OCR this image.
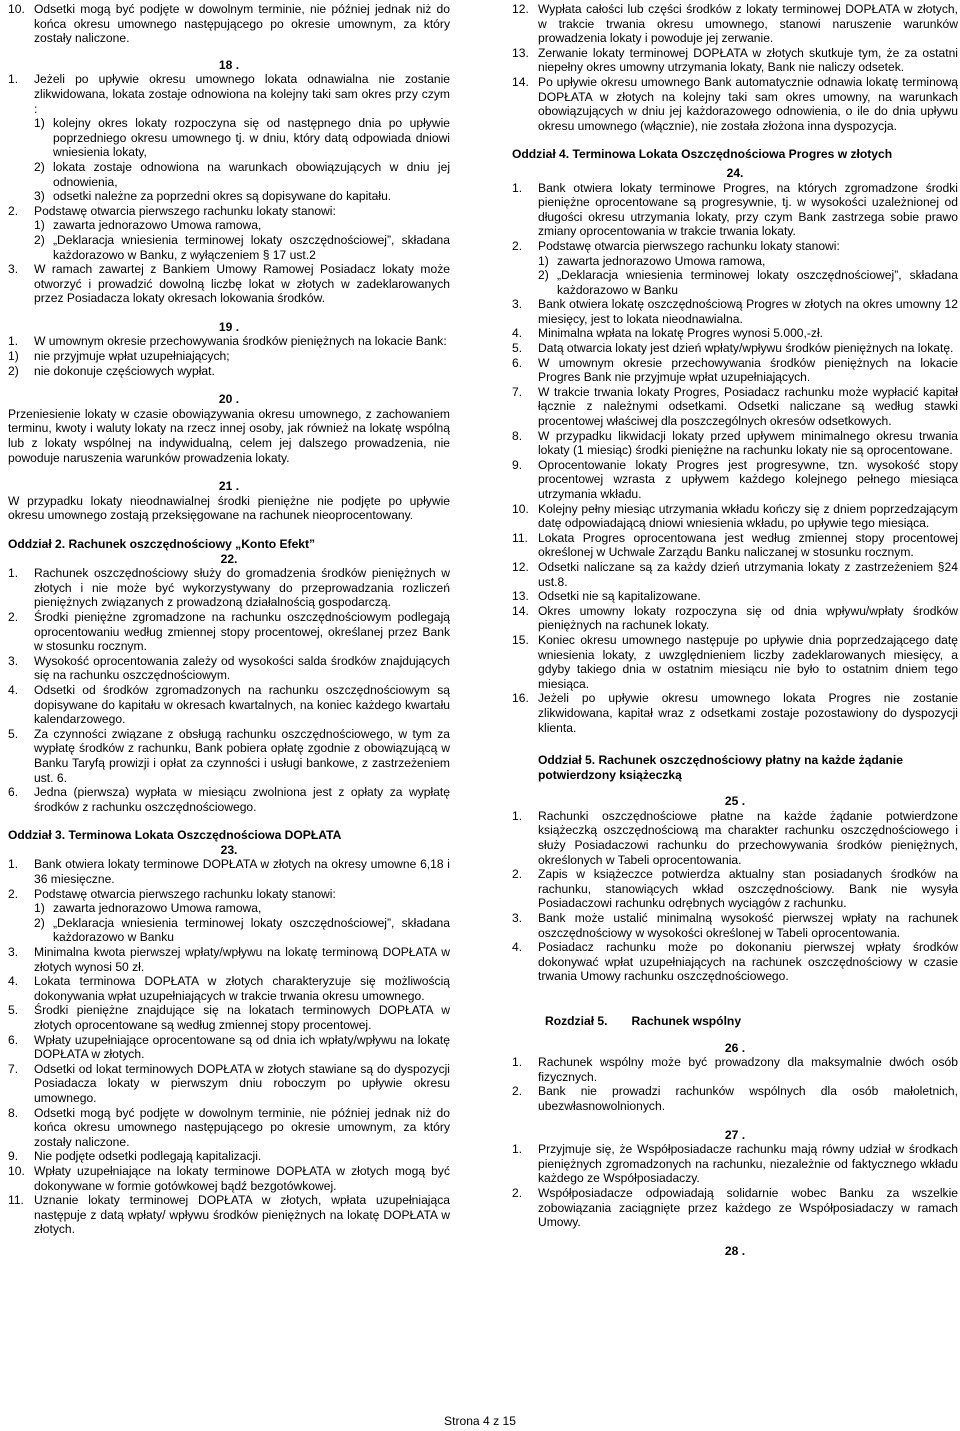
10. Odsetki mogą być podjęte w dowolnym terminie, nie później jednak niż do końca okresu umownego następującego po okresie umownym, za który zostały naliczone.

18 .

1.	Jeżeli po upływie okresu umownego lokata odnawialna nie zostanie zlikwidowana, lokata zostaje odnowiona na kolejny taki sam okres przy czym :
1) kolejny okres lokaty rozpoczyna się od następnego dnia po upływie poprzedniego okresu umownego tj. w dniu, który datą odpowiada dniowi wniesienia lokaty,
2) lokata zostaje odnowiona na warunkach obowiązujących w dniu jej odnowienia,
3) odsetki należne za poprzedni okres są dopisywane do kapitału.
2.	Podstawę otwarcia pierwszego rachunku lokaty stanowi:
1) zawarta jednorazowo Umowa ramowa,
2) „Deklaracja wniesienia terminowej lokaty oszczędnościowej”, składana każdorazowo w Banku, z wyłączeniem § 17 ust.2
3.	W ramach zawartej z Bankiem Umowy Ramowej Posiadacz lokaty może otworzyć i prowadzić dowolną liczbę lokat w złotych w zadeklarowanych przez Posiadacza lokaty okresach lokowania środków.

19 .

1.	W umownym okresie przechowywania środków pieniężnych na lokacie Bank:
1)	nie przyjmuje wpłat uzupełniających;
2)	nie dokonuje częściowych wypłat.

20 .

Przeniesienie lokaty w czasie obowiązywania okresu umownego, z zachowaniem terminu, kwoty i waluty lokaty na rzecz innej osoby, jak również na lokatę wspólną lub z lokaty wspólnej na indywidualną, celem jej dalszego prowadzenia, nie powoduje naruszenia warunków prowadzenia lokaty.

21 .

W przypadku lokaty nieodnawialnej środki pieniężne nie podjęte po upływie okresu umownego zostają przeksięgowane na rachunek nieoprocentowany.

Oddział 2. Rachunek oszczędnościowy „Konto Efekt”

22.

1.	Rachunek oszczędnościowy służy do gromadzenia środków pieniężnych w złotych i nie może być wykorzystywany do przeprowadzania rozliczeń pieniężnych związanych z prowadzoną działalnością gospodarczą.
2.	Środki pieniężne zgromadzone na rachunku oszczędnościowym podlegają oprocentowaniu według zmiennej stopy procentowej, określanej przez Bank w stosunku rocznym.
3.	Wysokość oprocentowania zależy od wysokości salda środków znajdujących się na rachunku oszczędnościowym.
4.	Odsetki od środków zgromadzonych na rachunku oszczędnościowym są dopisywane do kapitału w okresach kwartalnych, na koniec każdego kwartału kalendarzowego.
5.	Za czynności związane z obsługą rachunku oszczędnościowego, w tym za wypłatę środków z rachunku, Bank pobiera opłatę zgodnie z obowiązującą w Banku Taryfą prowizji i opłat za czynności i usługi bankowe, z zastrzeżeniem ust. 6.
6.	Jedna (pierwsza) wypłata w miesiącu zwolniona jest z opłaty za wypłatę środków z rachunku oszczędnościowego.

Oddział 3. Terminowa Lokata Oszczędnościowa DOPŁATA

23.

1.	Bank otwiera lokaty terminowe DOPŁATA w złotych na okresy umowne 6,18 i 36 miesięczne.
2.	Podstawę otwarcia pierwszego rachunku lokaty stanowi:
1) zawarta jednorazowo Umowa ramowa,
2) „Deklaracja wniesienia terminowej lokaty oszczędnościowej”, składana każdorazowo w Banku
3.	Minimalna kwota pierwszej wpłaty/wpływu na lokatę terminową DOPŁATA w złotych wynosi 50 zł.
4.	Lokata terminowa DOPŁATA w złotych charakteryzuje się możliwością dokonywania wpłat uzupełniających w trakcie trwania okresu umownego.
5.	Środki pieniężne znajdujące się na lokatach terminowych DOPŁATA w złotych oprocentowane są według zmiennej stopy procentowej.
6.	Wpłaty uzupełniające oprocentowane są od dnia ich wpłaty/wpływu na lokatę DOPŁATA w złotych.
7.	Odsetki od lokat terminowych DOPŁATA w złotych stawiane są do dyspozycji Posiadacza lokaty w pierwszym dniu roboczym po upływie okresu umownego.
8.	Odsetki mogą być podjęte w dowolnym terminie, nie później jednak niż do końca okresu umownego następującego po okresie umownym, za który zostały naliczone.
9.	Nie podjęte odsetki podlegają kapitalizacji.
10. Wpłaty uzupełniające na lokaty terminowe DOPŁATA w złotych mogą być dokonywane w formie gotówkowej bądź bezgotówkowej.
11. Uznanie lokaty terminowej DOPŁATA w złotych, wpłata uzupełniająca następuje z datą wpłaty/ wpływu środków pieniężnych na lokatę DOPŁATA w złotych.
12. Wypłata całości lub części środków z lokaty terminowej DOPŁATA w złotych, w trakcie trwania okresu umownego, stanowi naruszenie warunków prowadzenia lokaty i powoduje jej zerwanie.
13. Zerwanie lokaty terminowej DOPŁATA w złotych skutkuje tym, że za ostatni niepełny okres umowny utrzymania lokaty, Bank nie naliczy odsetek.
14. Po upływie okresu umownego Bank automatycznie odnawia lokatę terminową DOPŁATA w złotych na kolejny taki sam okres umowny, na warunkach obowiązujących w dniu jej każdorazowego odnowienia, o ile do dnia upływu okresu umownego (włącznie), nie została złożona inna dyspozycja.

Oddział 4. Terminowa Lokata Oszczędnościowa Progres w złotych

24.

1.	Bank otwiera lokaty terminowe Progres, na których zgromadzone środki pieniężne oprocentowane są progresywnie, tj. w wysokości uzależnionej od długości okresu utrzymania lokaty, przy czym Bank zastrzega sobie prawo zmiany oprocentowania w trakcie trwania lokaty.
2.	Podstawę otwarcia pierwszego rachunku lokaty stanowi:
1) zawarta jednorazowo Umowa ramowa,
2) „Deklaracja wniesienia terminowej lokaty oszczędnościowej”, składana każdorazowo w Banku
3.	Bank otwiera lokatę oszczędnościową Progres w złotych na okres umowny 12 miesięcy, jest to lokata nieodnawialna.
4.	Minimalna wpłata na lokatę Progres wynosi 5.000,-zł.
5.	Datą otwarcia lokaty jest dzień wpłaty/wpływu środków pieniężnych na lokatę.
6.	W umownym okresie przechowywania środków pieniężnych na lokacie Progres Bank nie przyjmuje wpłat uzupełniających.
7.	W trakcie trwania lokaty Progres, Posiadacz rachunku może wypłacić kapitał łącznie z należnymi odsetkami. Odsetki naliczane są według stawki procentowej właściwej dla poszczególnych okresów odsetkowych.
8.	W przypadku likwidacji lokaty przed upływem minimalnego okresu trwania lokaty (1 miesiąc) środki pieniężne na rachunku lokaty nie są oprocentowane.
9.	Oprocentowanie lokaty Progres jest progresywne, tzn. wysokość stopy procentowej wzrasta z upływem każdego kolejnego pełnego miesiąca utrzymania wkładu.
10. Kolejny pełny miesiąc utrzymania wkładu kończy się z dniem poprzedzającym datę odpowiadającą dniowi wniesienia wkładu, po upływie tego miesiąca.
11. Lokata Progres oprocentowana jest według zmiennej stopy procentowej określonej w Uchwale Zarządu Banku naliczanej w stosunku rocznym.
12. Odsetki naliczane są za każdy dzień utrzymania lokaty z zastrzeżeniem §24 ust.8.
13. Odsetki nie są kapitalizowane.
14. Okres umowny lokaty rozpoczyna się od dnia wpływu/wpłaty środków pieniężnych na rachunek lokaty.
15. Koniec okresu umownego następuje po upływie dnia poprzedzającego datę wniesienia lokaty, z uwzględnieniem liczby zadeklarowanych miesięcy, a gdyby takiego dnia w ostatnim miesiącu nie było to ostatnim dniem tego miesiąca.
16. Jeżeli po upływie okresu umownego lokata Progres nie zostanie zlikwidowana, kapitał wraz z odsetkami zostaje pozostawiony do dyspozycji klienta.

Oddział 5. Rachunek oszczędnościowy płatny na każde żądanie potwierdzony książeczką

25 .

1.	Rachunki oszczędnościowe płatne na każde żądanie potwierdzone książeczką oszczędnościową ma charakter rachunku oszczędnościowego i służy Posiadaczowi rachunku do przechowywania środków pieniężnych, określonych w Tabeli oprocentowania.
2.	Zapis w książeczce potwierdza aktualny stan posiadanych środków na rachunku, stanowiących wkład oszczędnościowy. Bank nie wysyła Posiadaczowi rachunku odrębnych wyciągów z rachunku.
3.	Bank może ustalić minimalną wysokość pierwszej wpłaty na rachunek oszczędnościowy w wysokości określonej w Tabeli oprocentowania.
4.	Posiadacz rachunku może po dokonaniu pierwszej wpłaty środków dokonywać wpłat uzupełniających na rachunek oszczędnościowy w czasie trwania Umowy rachunku oszczędnościowego.

Rozdział 5. Rachunek wspólny

26 .

1.	Rachunek wspólny może być prowadzony dla maksymalnie dwóch osób fizycznych.
2.	Bank nie prowadzi rachunków wspólnych dla osób małoletnich, ubezwłasnowolnionych.

27 .

1.	Przyjmuje się, że Współposiadacze rachunku mają równy udział w środkach pieniężnych zgromadzonych na rachunku, niezależnie od faktycznego wkładu każdego ze Współposiadaczy.
2.	Współposiadacze odpowiadają solidarnie wobec Banku za wszelkie zobowiązania zaciągnięte przez każdego ze Współposiadaczy w ramach Umowy.

28 .

Strona 4 z 15
